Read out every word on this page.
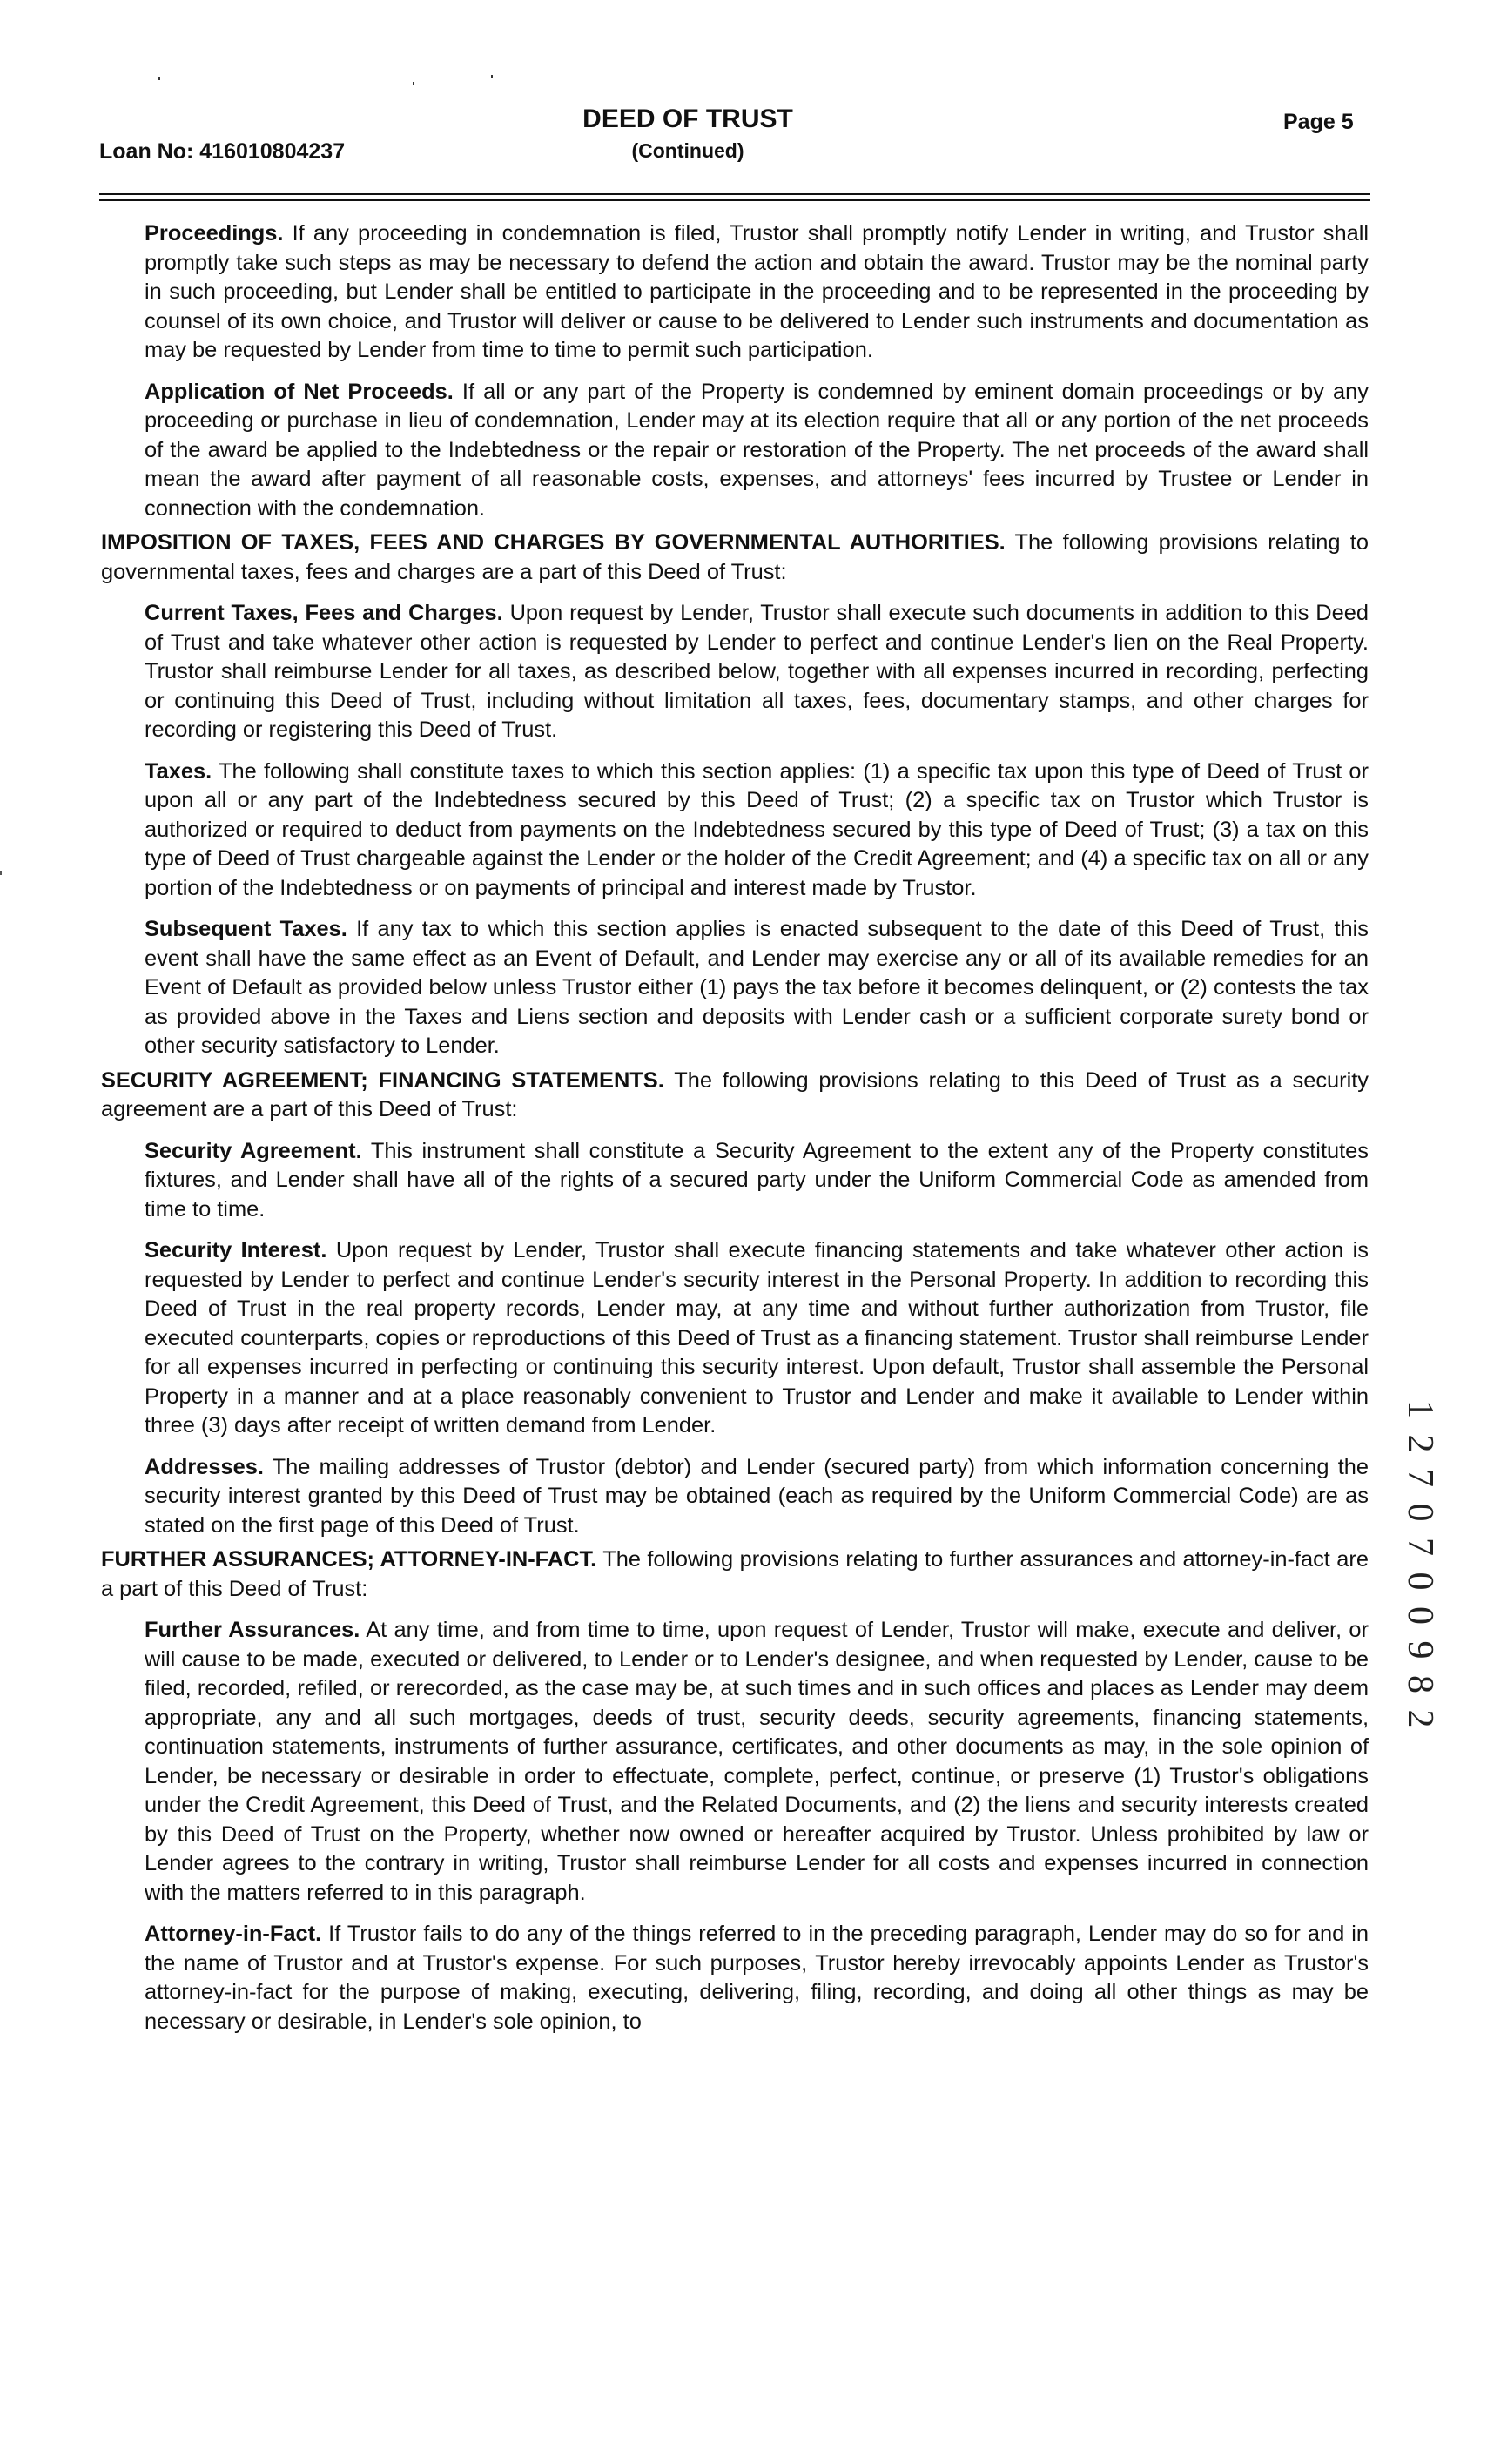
Loan No: 416010804237
DEED OF TRUST
(Continued)
Page 5

Proceedings. If any proceeding in condemnation is filed, Trustor shall promptly notify Lender in writing, and Trustor shall promptly take such steps as may be necessary to defend the action and obtain the award. Trustor may be the nominal party in such proceeding, but Lender shall be entitled to participate in the proceeding and to be represented in the proceeding by counsel of its own choice, and Trustor will deliver or cause to be delivered to Lender such instruments and documentation as may be requested by Lender from time to time to permit such participation.

Application of Net Proceeds. If all or any part of the Property is condemned by eminent domain proceedings or by any proceeding or purchase in lieu of condemnation, Lender may at its election require that all or any portion of the net proceeds of the award be applied to the Indebtedness or the repair or restoration of the Property. The net proceeds of the award shall mean the award after payment of all reasonable costs, expenses, and attorneys' fees incurred by Trustee or Lender in connection with the condemnation.

IMPOSITION OF TAXES, FEES AND CHARGES BY GOVERNMENTAL AUTHORITIES. The following provisions relating to governmental taxes, fees and charges are a part of this Deed of Trust:

Current Taxes, Fees and Charges. Upon request by Lender, Trustor shall execute such documents in addition to this Deed of Trust and take whatever other action is requested by Lender to perfect and continue Lender's lien on the Real Property. Trustor shall reimburse Lender for all taxes, as described below, together with all expenses incurred in recording, perfecting or continuing this Deed of Trust, including without limitation all taxes, fees, documentary stamps, and other charges for recording or registering this Deed of Trust.

Taxes. The following shall constitute taxes to which this section applies: (1) a specific tax upon this type of Deed of Trust or upon all or any part of the Indebtedness secured by this Deed of Trust; (2) a specific tax on Trustor which Trustor is authorized or required to deduct from payments on the Indebtedness secured by this type of Deed of Trust; (3) a tax on this type of Deed of Trust chargeable against the Lender or the holder of the Credit Agreement; and (4) a specific tax on all or any portion of the Indebtedness or on payments of principal and interest made by Trustor.

Subsequent Taxes. If any tax to which this section applies is enacted subsequent to the date of this Deed of Trust, this event shall have the same effect as an Event of Default, and Lender may exercise any or all of its available remedies for an Event of Default as provided below unless Trustor either (1) pays the tax before it becomes delinquent, or (2) contests the tax as provided above in the Taxes and Liens section and deposits with Lender cash or a sufficient corporate surety bond or other security satisfactory to Lender.

SECURITY AGREEMENT; FINANCING STATEMENTS. The following provisions relating to this Deed of Trust as a security agreement are a part of this Deed of Trust:

Security Agreement. This instrument shall constitute a Security Agreement to the extent any of the Property constitutes fixtures, and Lender shall have all of the rights of a secured party under the Uniform Commercial Code as amended from time to time.

Security Interest. Upon request by Lender, Trustor shall execute financing statements and take whatever other action is requested by Lender to perfect and continue Lender's security interest in the Personal Property. In addition to recording this Deed of Trust in the real property records, Lender may, at any time and without further authorization from Trustor, file executed counterparts, copies or reproductions of this Deed of Trust as a financing statement. Trustor shall reimburse Lender for all expenses incurred in perfecting or continuing this security interest. Upon default, Trustor shall assemble the Personal Property in a manner and at a place reasonably convenient to Trustor and Lender and make it available to Lender within three (3) days after receipt of written demand from Lender.

Addresses. The mailing addresses of Trustor (debtor) and Lender (secured party) from which information concerning the security interest granted by this Deed of Trust may be obtained (each as required by the Uniform Commercial Code) are as stated on the first page of this Deed of Trust.

FURTHER ASSURANCES; ATTORNEY-IN-FACT. The following provisions relating to further assurances and attorney-in-fact are a part of this Deed of Trust:

Further Assurances. At any time, and from time to time, upon request of Lender, Trustor will make, execute and deliver, or will cause to be made, executed or delivered, to Lender or to Lender's designee, and when requested by Lender, cause to be filed, recorded, refiled, or rerecorded, as the case may be, at such times and in such offices and places as Lender may deem appropriate, any and all such mortgages, deeds of trust, security deeds, security agreements, financing statements, continuation statements, instruments of further assurance, certificates, and other documents as may, in the sole opinion of Lender, be necessary or desirable in order to effectuate, complete, perfect, continue, or preserve (1) Trustor's obligations under the Credit Agreement, this Deed of Trust, and the Related Documents, and (2) the liens and security interests created by this Deed of Trust on the Property, whether now owned or hereafter acquired by Trustor. Unless prohibited by law or Lender agrees to the contrary in writing, Trustor shall reimburse Lender for all costs and expenses incurred in connection with the matters referred to in this paragraph.

Attorney-in-Fact. If Trustor fails to do any of the things referred to in the preceding paragraph, Lender may do so for and in the name of Trustor and at Trustor's expense. For such purposes, Trustor hereby irrevocably appoints Lender as Trustor's attorney-in-fact for the purpose of making, executing, delivering, filing, recording, and doing all other things as may be necessary or desirable, in Lender's sole opinion, to

1 2 7 0 7 0 0 9 8 2
